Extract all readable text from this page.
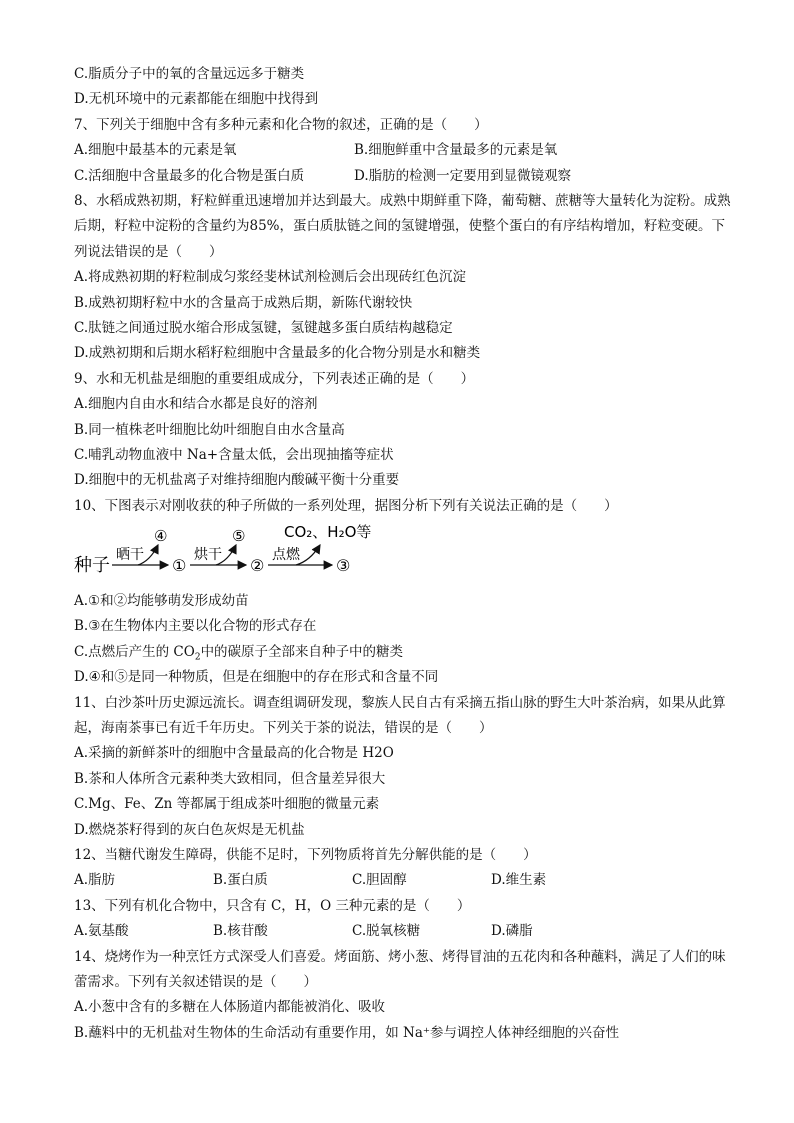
C.脂质分子中的氧的含量远远多于糖类
D.无机环境中的元素都能在细胞中找得到
7、下列关于细胞中含有多种元素和化合物的叙述，正确的是（　　）
A.细胞中最基本的元素是氧	B.细胞鲜重中含量最多的元素是氧
C.活细胞中含量最多的化合物是蛋白质	D.脂肪的检测一定要用到显微镜观察
8、水稻成熟初期，籽粒鲜重迅速增加并达到最大。成熟中期鲜重下降，葡萄糖、蔗糖等大量转化为淀粉。成熟后期，籽粒中淀粉的含量约为85%，蛋白质肽链之间的氢键增强，使整个蛋白的有序结构增加，籽粒变硬。下列说法错误的是（　　）
A.将成熟初期的籽粒制成匀浆经斐林试剂检测后会出现砖红色沉淀
B.成熟初期籽粒中水的含量高于成熟后期，新陈代谢较快
C.肽链之间通过脱水缩合形成氢键，氢键越多蛋白质结构越稳定
D.成熟初期和后期水稻籽粒细胞中含量最多的化合物分别是水和糖类
9、水和无机盐是细胞的重要组成成分，下列表述正确的是（　　）
A.细胞内自由水和结合水都是良好的溶剂
B.同一植株老叶细胞比幼叶细胞自由水含量高
C.哺乳动物血液中 Na+含量太低，会出现抽搐等症状
D.细胞中的无机盐离子对维持细胞内酸碱平衡十分重要
10、下图表示对刚收获的种子所做的一系列处理，据图分析下列有关说法正确的是（　　）
种子 晒干
④
①
烘干
⑤
②
点燃
CO₂、H₂O等
③
A.①和②均能够萌发形成幼苗
B.③在生物体内主要以化合物的形式存在
C.点燃后产生的 $CO_2$中的碳原子全部来自种子中的糖类
D.④和⑤是同一种物质，但是在细胞中的存在形式和含量不同
11、白沙茶叶历史源远流长。调查组调研发现，黎族人民自古有采摘五指山脉的野生大叶茶治病，如果从此算起，海南茶事已有近千年历史。下列关于茶的说法，错误的是（　　）
A.采摘的新鲜茶叶的细胞中含量最高的化合物是 H2O
B.茶和人体所含元素种类大致相同，但含量差异很大
C.Mg、Fe、Zn 等都属于组成茶叶细胞的微量元素
D.燃烧茶籽得到的灰白色灰烬是无机盐
12、当糖代谢发生障碍，供能不足时，下列物质将首先分解供能的是（　　）
A.脂肪	B.蛋白质	C.胆固醇	D.维生素
13、下列有机化合物中，只含有 C，H，O 三种元素的是（　　）
A.氨基酸	B.核苷酸	C.脱氧核糖	D.磷脂
14、烧烤作为一种烹饪方式深受人们喜爱。烤面筋、烤小葱、烤得冒油的五花肉和各种蘸料，满足了人们的味蕾需求。下列有关叙述错误的是（　　）
A.小葱中含有的多糖在人体肠道内都能被消化、吸收
B.蘸料中的无机盐对生物体的生命活动有重要作用，如 Na⁺参与调控人体神经细胞的兴奋性
